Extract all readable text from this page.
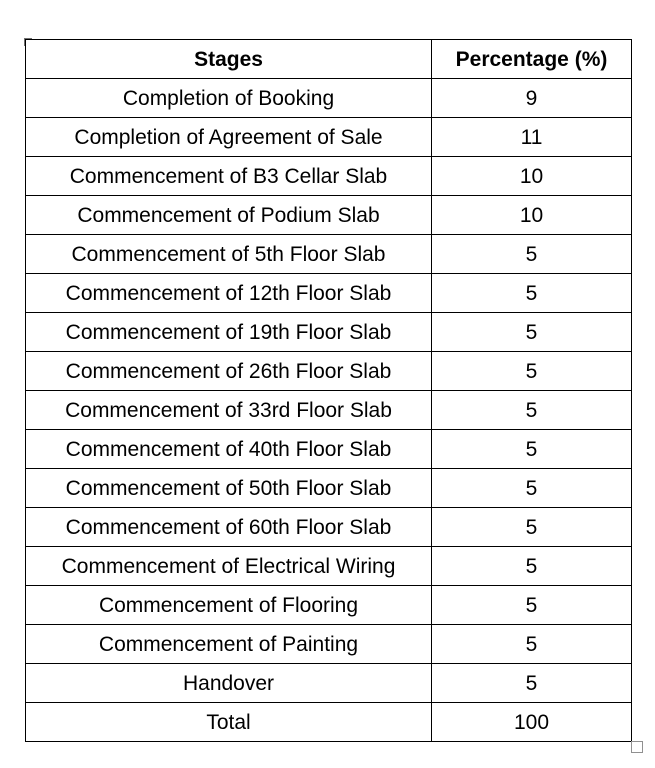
Stages	Percentage (%)
Completion of Booking	9
Completion of Agreement of Sale	11
Commencement of B3 Cellar Slab	10
Commencement of Podium Slab	10
Commencement of 5th Floor Slab	5
Commencement of 12th Floor Slab	5
Commencement of 19th Floor Slab	5
Commencement of 26th Floor Slab	5
Commencement of 33rd Floor Slab	5
Commencement of 40th Floor Slab	5
Commencement of 50th Floor Slab	5
Commencement of 60th Floor Slab	5
Commencement of Electrical Wiring	5
Commencement of Flooring	5
Commencement of Painting	5
Handover	5
Total	100
